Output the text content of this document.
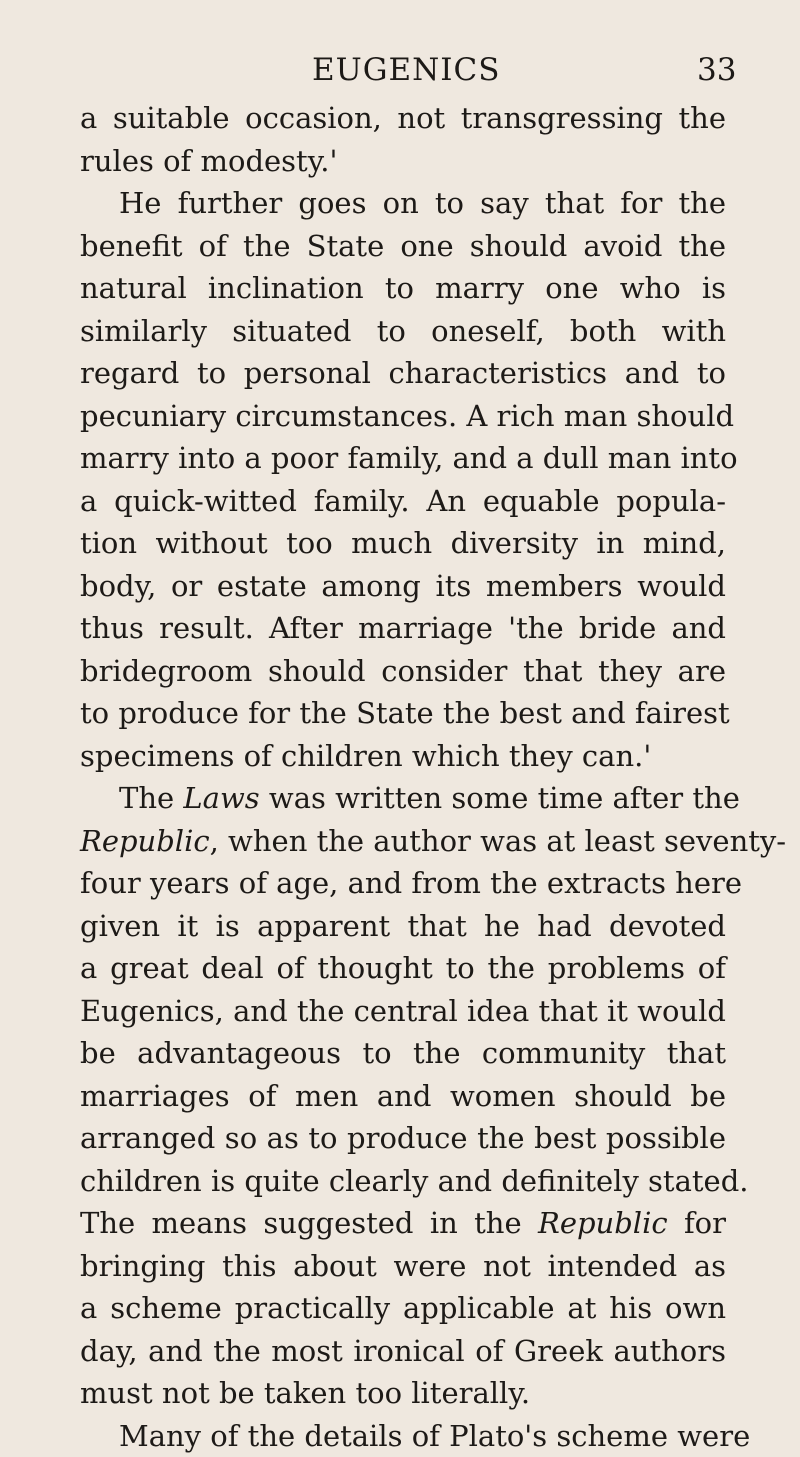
EUGENICS	33
a suitable occasion, not transgressing the
rules of modesty.'
He further goes on to say that for the
benefit of the State one should avoid the
natural inclination to marry one who is
similarly situated to oneself, both with
regard to personal characteristics and to
pecuniary circumstances. A rich man should
marry into a poor family, and a dull man into
a quick-witted family. An equable popula-
tion without too much diversity in mind,
body, or estate among its members would
thus result. After marriage 'the bride and
bridegroom should consider that they are
to produce for the State the best and fairest
specimens of children which they can.'
The Laws was written some time after the
Republic, when the author was at least seventy-
four years of age, and from the extracts here
given it is apparent that he had devoted
a great deal of thought to the problems of
Eugenics, and the central idea that it would
be advantageous to the community that
marriages of men and women should be
arranged so as to produce the best possible
children is quite clearly and definitely stated.
The means suggested in the Republic for
bringing this about were not intended as
a scheme practically applicable at his own
day, and the most ironical of Greek authors
must not be taken too literally.
Many of the details of Plato's scheme were
